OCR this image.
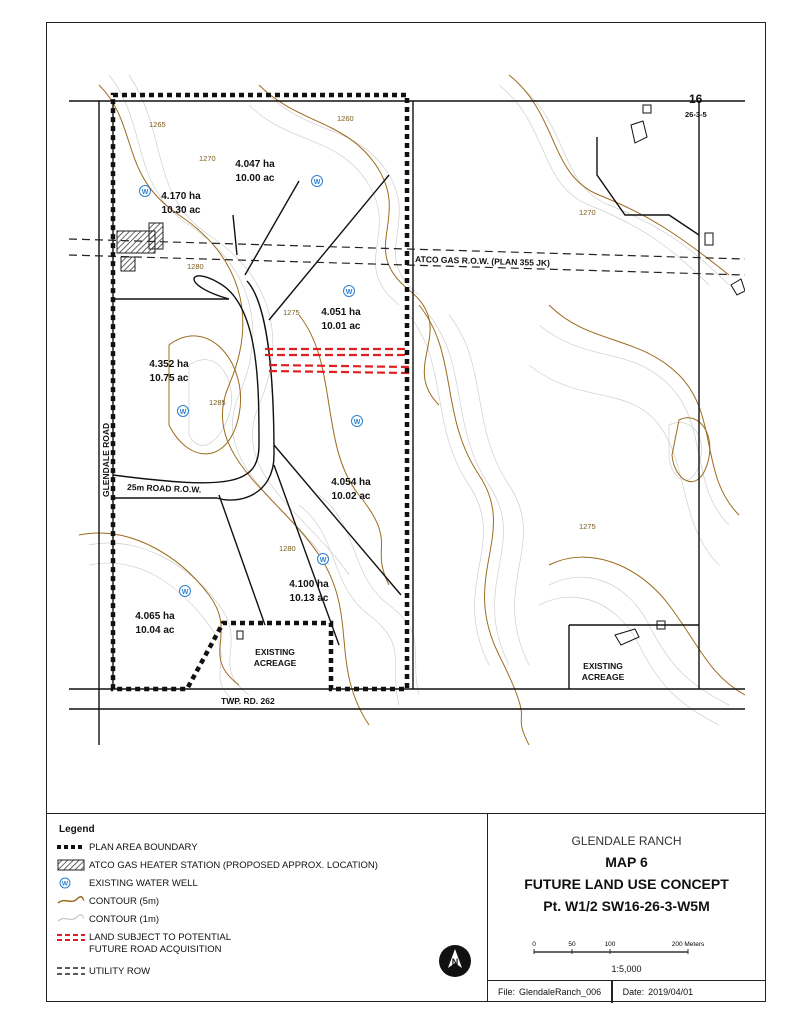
W
W
W
W
W
W
W
1265
1270
1260
1280
1275
1285
1280
1275
1270
4.047 ha
10.00 ac
4.170 ha
10.30 ac
4.051 ha
10.01 ac
4.352 ha
10.75 ac
4.054 ha
10.02 ac
4.100 ha
10.13 ac
4.065 ha
10.04 ac
16
26-3-5
ATCO GAS R.O.W. (PLAN 355 JK)
25m ROAD R.O.W.
GLENDALE ROAD
TWP. RD. 262
EXISTING
ACREAGE	EXISTING
ACREAGE
Legend
PLAN AREA BOUNDARY
ATCO GAS HEATER STATION (PROPOSED APPROX. LOCATION)
W EXISTING WATER WELL
CONTOUR (5m)
CONTOUR (1m)
LAND SUBJECT TO POTENTIAL
FUTURE ROAD ACQUISITION
UTILITY ROW
N
GLENDALE RANCH
MAP 6
FUTURE LAND USE CONCEPT
Pt. W1/2 SW16-26-3-W5M
0	50	100	200 Meters
1:5,000
File: GlendaleRanch_006	Date: 2019/04/01
